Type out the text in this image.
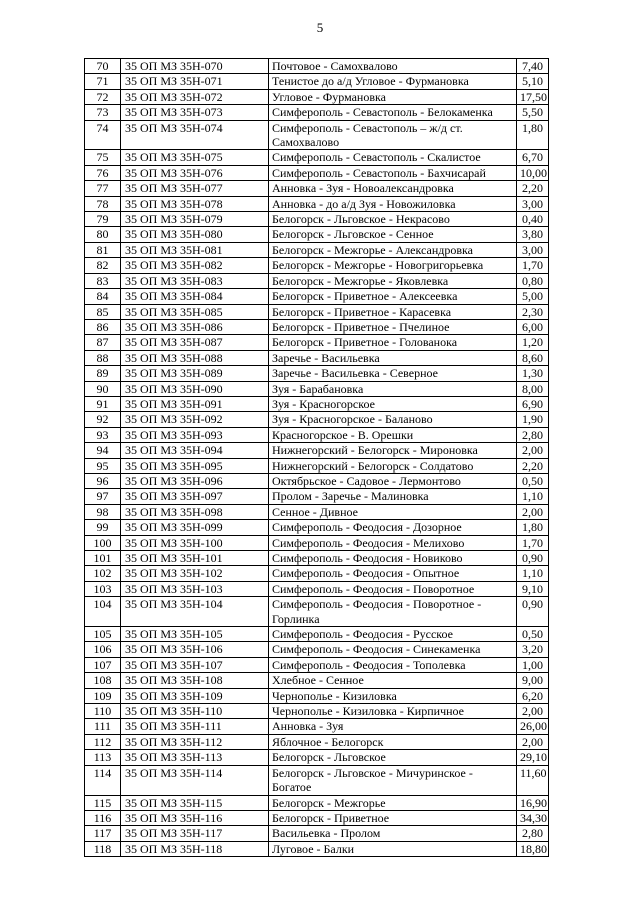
5
70	35 ОП МЗ 35Н-070	Почтовое - Самохвалово	7,40
71	35 ОП МЗ 35Н-071	Тенистое до а/д Угловое - Фурмановка	5,10
72	35 ОП МЗ 35Н-072	Угловое - Фурмановка	17,50
73	35 ОП МЗ 35Н-073	Симферополь - Севастополь - Белокаменка	5,50
74	35 ОП МЗ 35Н-074	Симферополь - Севастополь – ж/д ст. Самохвалово	1,80
75	35 ОП МЗ 35Н-075	Симферополь - Севастополь - Скалистое	6,70
76	35 ОП МЗ 35Н-076	Симферополь - Севастополь - Бахчисарай	10,00
77	35 ОП МЗ 35Н-077	Анновка - Зуя - Новоалександровка	2,20
78	35 ОП МЗ 35Н-078	Анновка - до а/д Зуя - Новожиловка	3,00
79	35 ОП МЗ 35Н-079	Белогорск - Льговское - Некрасово	0,40
80	35 ОП МЗ 35Н-080	Белогорск - Льговское - Сенное	3,80
81	35 ОП МЗ 35Н-081	Белогорск - Межгорье - Александровка	3,00
82	35 ОП МЗ 35Н-082	Белогорск - Межгорье - Новогригорьевка	1,70
83	35 ОП МЗ 35Н-083	Белогорск - Межгорье - Яковлевка	0,80
84	35 ОП МЗ 35Н-084	Белогорск - Приветное - Алексеевка	5,00
85	35 ОП МЗ 35Н-085	Белогорск - Приветное - Карасевка	2,30
86	35 ОП МЗ 35Н-086	Белогорск - Приветное - Пчелиное	6,00
87	35 ОП МЗ 35Н-087	Белогорск - Приветное - Голованока	1,20
88	35 ОП МЗ 35Н-088	Заречье - Васильевка	8,60
89	35 ОП МЗ 35Н-089	Заречье - Васильевка - Северное	1,30
90	35 ОП МЗ 35Н-090	Зуя - Барабановка	8,00
91	35 ОП МЗ 35Н-091	Зуя - Красногорское	6,90
92	35 ОП МЗ 35Н-092	Зуя - Красногорское - Баланово	1,90
93	35 ОП МЗ 35Н-093	Красногорское - В. Орешки	2,80
94	35 ОП МЗ 35Н-094	Нижнегорский - Белогорск - Мироновка	2,00
95	35 ОП МЗ 35Н-095	Нижнегорский - Белогорск - Солдатово	2,20
96	35 ОП МЗ 35Н-096	Октябрьское - Садовое - Лермонтово	0,50
97	35 ОП МЗ 35Н-097	Пролом - Заречье - Малиновка	1,10
98	35 ОП МЗ 35Н-098	Сенное - Дивное	2,00
99	35 ОП МЗ 35Н-099	Симферополь - Феодосия - Дозорное	1,80
100	35 ОП МЗ 35Н-100	Симферополь - Феодосия - Мелихово	1,70
101	35 ОП МЗ 35Н-101	Симферополь - Феодосия - Новиково	0,90
102	35 ОП МЗ 35Н-102	Симферополь - Феодосия - Опытное	1,10
103	35 ОП МЗ 35Н-103	Симферополь - Феодосия - Поворотное	9,10
104	35 ОП МЗ 35Н-104	Симферополь - Феодосия - Поворотное - Горлинка	0,90
105	35 ОП МЗ 35Н-105	Симферополь - Феодосия - Русское	0,50
106	35 ОП МЗ 35Н-106	Симферополь - Феодосия - Синекаменка	3,20
107	35 ОП МЗ 35Н-107	Симферополь - Феодосия - Тополевка	1,00
108	35 ОП МЗ 35Н-108	Хлебное - Сенное	9,00
109	35 ОП МЗ 35Н-109	Чернополье - Кизиловка	6,20
110	35 ОП МЗ 35Н-110	Чернополье - Кизиловка - Кирпичное	2,00
111	35 ОП МЗ 35Н-111	Анновка - Зуя	26,00
112	35 ОП МЗ 35Н-112	Яблочное - Белогорск	2,00
113	35 ОП МЗ 35Н-113	Белогорск - Льговское	29,10
114	35 ОП МЗ 35Н-114	Белогорск - Льговское - Мичуринское - Богатое	11,60
115	35 ОП МЗ 35Н-115	Белогорск - Межгорье	16,90
116	35 ОП МЗ 35Н-116	Белогорск - Приветное	34,30
117	35 ОП МЗ 35Н-117	Васильевка - Пролом	2,80
118	35 ОП МЗ 35Н-118	Луговое - Балки	18,80
